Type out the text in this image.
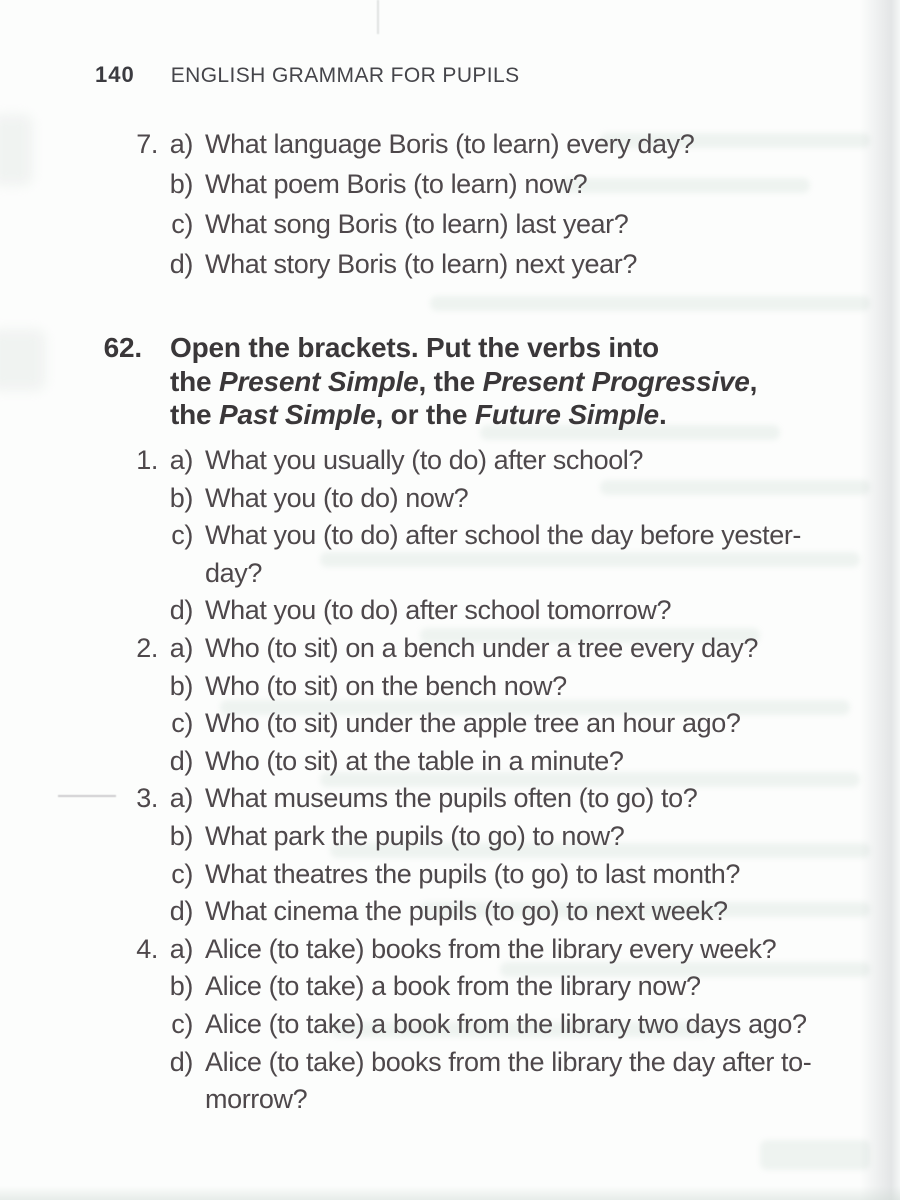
140 ENGLISH GRAMMAR FOR PUPILS
7. a) What language Boris (to learn) every day?
b) What poem Boris (to learn) now?
c) What song Boris (to learn) last year?
d) What story Boris (to learn) next year?
62. Open the brackets. Put the verbs into
the Present Simple, the Present Progressive,
the Past Simple, or the Future Simple.
1. a) What you usually (to do) after school?
b) What you (to do) now?
c) What you (to do) after school the day before yester-
day?
d) What you (to do) after school tomorrow?
2. a) Who (to sit) on a bench under a tree every day?
b) Who (to sit) on the bench now?
c) Who (to sit) under the apple tree an hour ago?
d) Who (to sit) at the table in a minute?
3. a) What museums the pupils often (to go) to?
b) What park the pupils (to go) to now?
c) What theatres the pupils (to go) to last month?
d) What cinema the pupils (to go) to next week?
4. a) Alice (to take) books from the library every week?
b) Alice (to take) a book from the library now?
c) Alice (to take) a book from the library two days ago?
d) Alice (to take) books from the library the day after to-
morrow?
